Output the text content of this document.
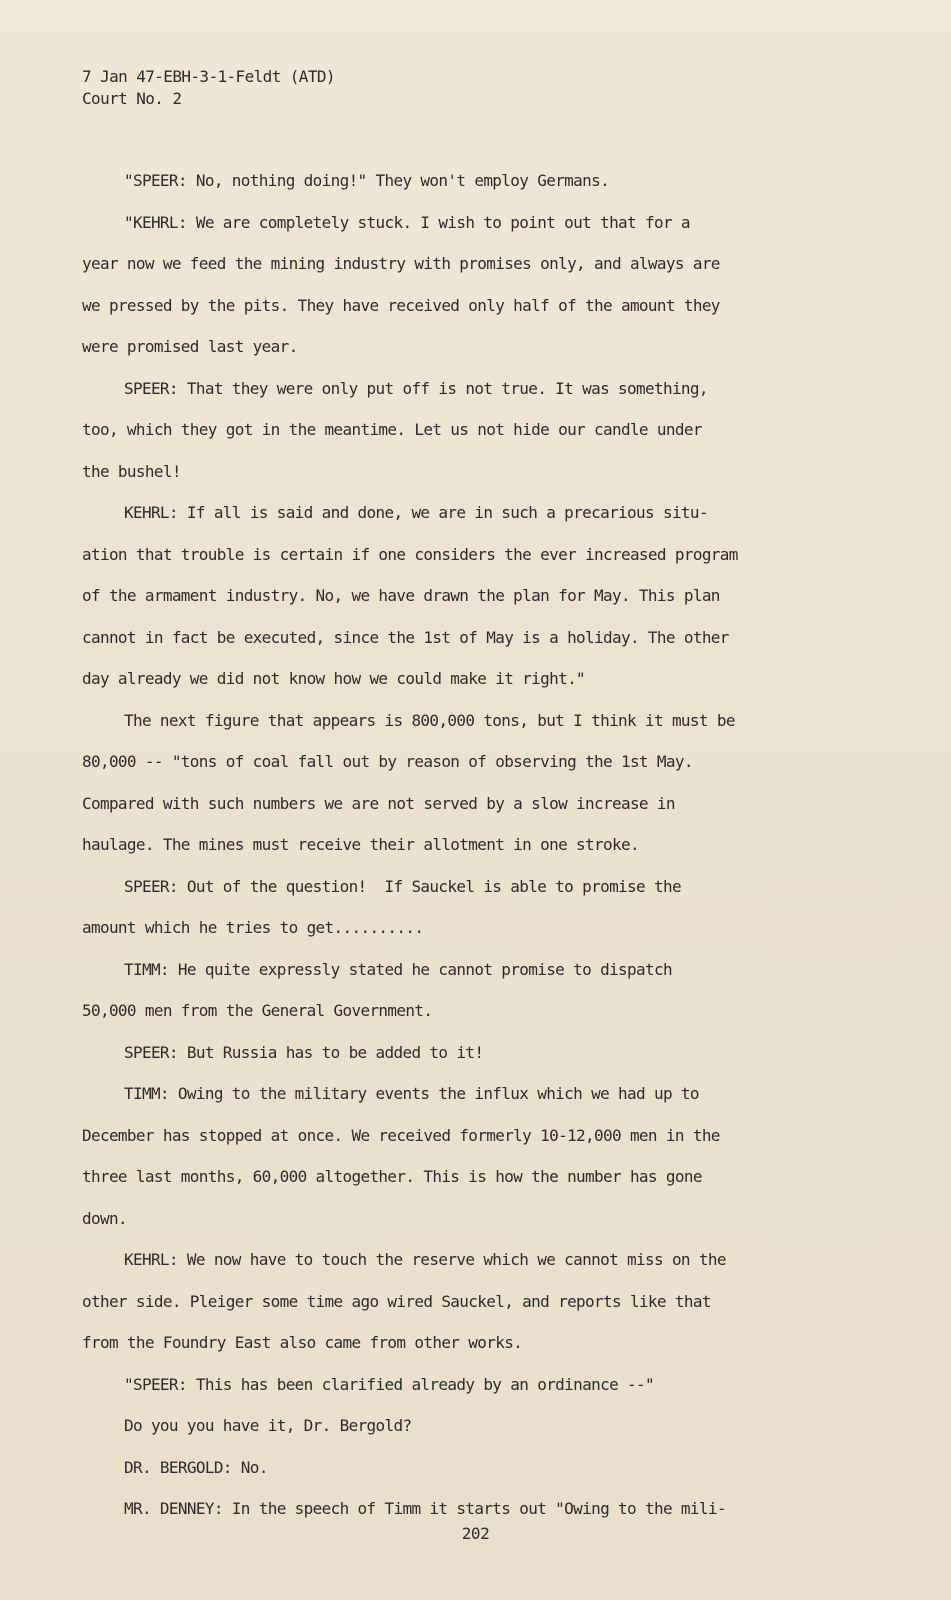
7 Jan 47-EBH-3-1-Feldt (ATD)
Court No. 2
"SPEER: No, nothing doing!" They won't employ Germans.
"KEHRL: We are completely stuck. I wish to point out that for a
year now we feed the mining industry with promises only, and always are
we pressed by the pits. They have received only half of the amount they
were promised last year.
SPEER: That they were only put off is not true. It was something,
too, which they got in the meantime. Let us not hide our candle under
the bushel!
KEHRL: If all is said and done, we are in such a precarious situ-
ation that trouble is certain if one considers the ever increased program
of the armament industry. No, we have drawn the plan for May. This plan
cannot in fact be executed, since the 1st of May is a holiday. The other
day already we did not know how we could make it right."
The next figure that appears is 800,000 tons, but I think it must be
80,000 -- "tons of coal fall out by reason of observing the 1st May.
Compared with such numbers we are not served by a slow increase in
haulage. The mines must receive their allotment in one stroke.
SPEER: Out of the question!  If Sauckel is able to promise the
amount which he tries to get..........
TIMM: He quite expressly stated he cannot promise to dispatch
50,000 men from the General Government.
SPEER: But Russia has to be added to it!
TIMM: Owing to the military events the influx which we had up to
December has stopped at once. We received formerly 10-12,000 men in the
three last months, 60,000 altogether. This is how the number has gone
down.
KEHRL: We now have to touch the reserve which we cannot miss on the
other side. Pleiger some time ago wired Sauckel, and reports like that
from the Foundry East also came from other works.
"SPEER: This has been clarified already by an ordinance --"
Do you you have it, Dr. Bergold?
DR. BERGOLD: No.
MR. DENNEY: In the speech of Timm it starts out "Owing to the mili-
202
